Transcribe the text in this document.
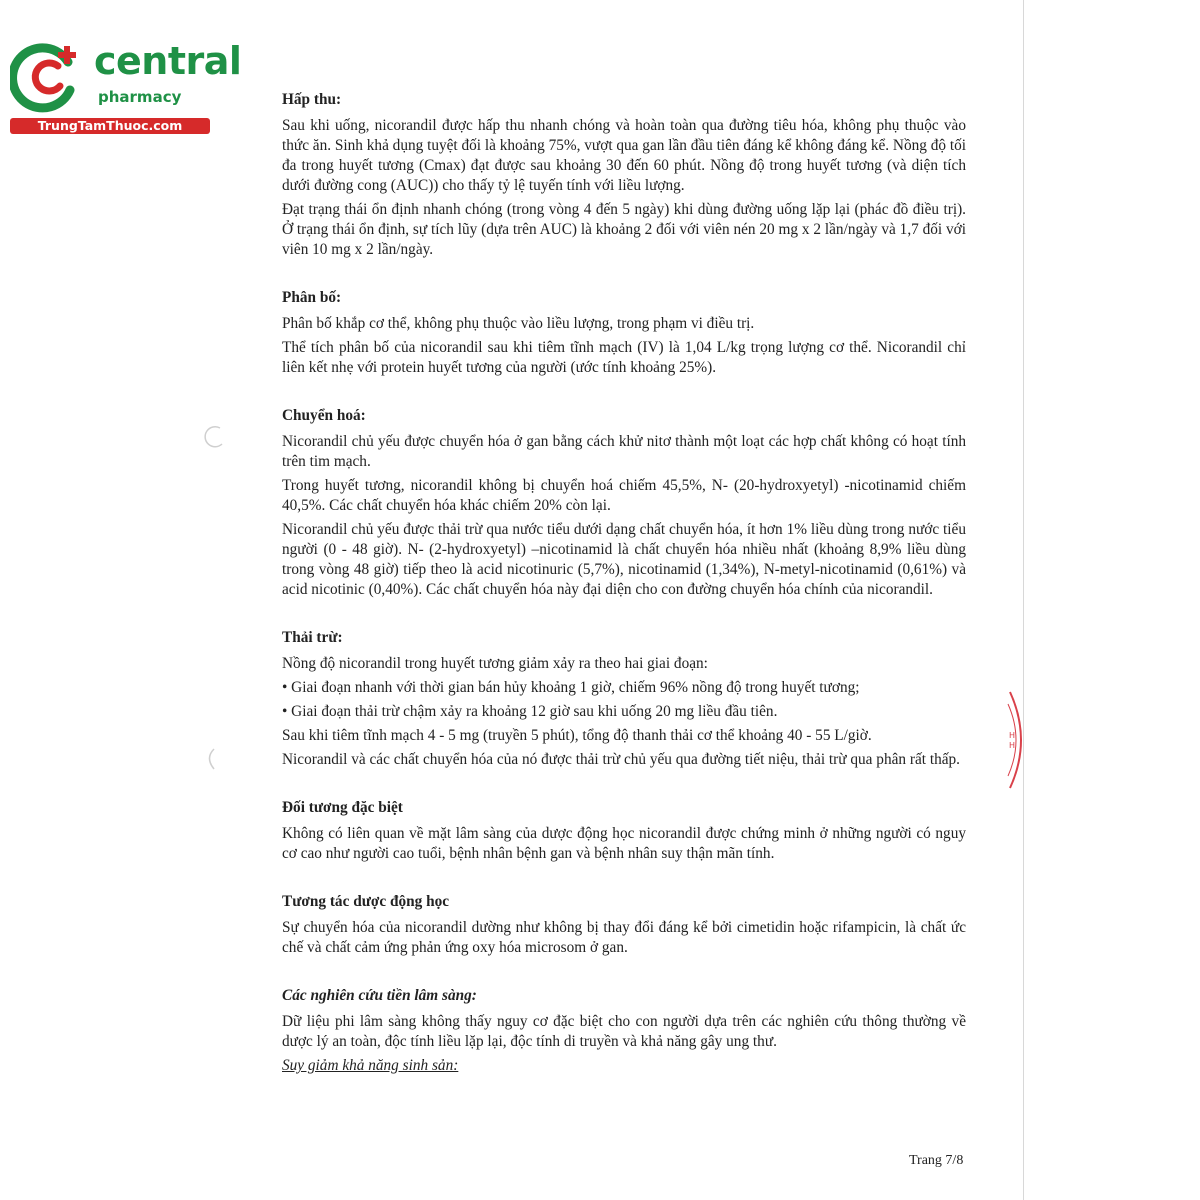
central
pharmacy
TrungTamThuoc.com
H
H
Hấp thu:

Sau khi uống, nicorandil được hấp thu nhanh chóng và hoàn toàn qua đường tiêu hóa, không phụ thuộc vào thức ăn. Sinh khả dụng tuyệt đối là khoảng 75%, vượt qua gan lần đầu tiên đáng kể không đáng kể. Nồng độ tối đa trong huyết tương (Cmax) đạt được sau khoảng 30 đến 60 phút. Nồng độ trong huyết tương (và diện tích dưới đường cong (AUC)) cho thấy tỷ lệ tuyến tính với liều lượng.

Đạt trạng thái ổn định nhanh chóng (trong vòng 4 đến 5 ngày) khi dùng đường uống lặp lại (phác đồ điều trị). Ở trạng thái ổn định, sự tích lũy (dựa trên AUC) là khoảng 2 đối với viên nén 20 mg x 2 lần/ngày và 1,7 đối với viên 10 mg x 2 lần/ngày.

Phân bố:

Phân bố khắp cơ thể, không phụ thuộc vào liều lượng, trong phạm vi điều trị.

Thể tích phân bố của nicorandil sau khi tiêm tĩnh mạch (IV) là 1,04 L/kg trọng lượng cơ thể. Nicorandil chỉ liên kết nhẹ với protein huyết tương của người (ước tính khoảng 25%).

Chuyển hoá:

Nicorandil chủ yếu được chuyển hóa ở gan bằng cách khử nitơ thành một loạt các hợp chất không có hoạt tính trên tim mạch.

Trong huyết tương, nicorandil không bị chuyển hoá chiếm 45,5%, N- (20-hydroxyetyl) -nicotinamid chiếm 40,5%. Các chất chuyển hóa khác chiếm 20% còn lại.

Nicorandil chủ yếu được thải trừ qua nước tiểu dưới dạng chất chuyển hóa, ít hơn 1% liều dùng trong nước tiểu người (0 - 48 giờ). N- (2-hydroxyetyl) –nicotinamid là chất chuyển hóa nhiều nhất (khoảng 8,9% liều dùng trong vòng 48 giờ) tiếp theo là acid nicotinuric (5,7%), nicotinamid (1,34%), N-metyl-nicotinamid (0,61%) và acid nicotinic (0,40%). Các chất chuyển hóa này đại diện cho con đường chuyển hóa chính của nicorandil.

Thải trừ:

Nồng độ nicorandil trong huyết tương giảm xảy ra theo hai giai đoạn:

• Giai đoạn nhanh với thời gian bán hủy khoảng 1 giờ, chiếm 96% nồng độ trong huyết tương;

• Giai đoạn thải trừ chậm xảy ra khoảng 12 giờ sau khi uống 20 mg liều đầu tiên.

Sau khi tiêm tĩnh mạch 4 - 5 mg (truyền 5 phút), tổng độ thanh thải cơ thể khoảng 40 - 55 L/giờ.

Nicorandil và các chất chuyển hóa của nó được thải trừ chủ yếu qua đường tiết niệu, thải trừ qua phân rất thấp.

Đối tương đặc biệt

Không có liên quan về mặt lâm sàng của dược động học nicorandil được chứng minh ở những người có nguy cơ cao như người cao tuổi, bệnh nhân bệnh gan và bệnh nhân suy thận mãn tính.

Tương tác dược động học

Sự chuyển hóa của nicorandil dường như không bị thay đổi đáng kể bởi cimetidin hoặc rifampicin, là chất ức chế và chất cảm ứng phản ứng oxy hóa microsom ở gan.

Các nghiên cứu tiền lâm sàng:

Dữ liệu phi lâm sàng không thấy nguy cơ đặc biệt cho con người dựa trên các nghiên cứu thông thường về dược lý an toàn, độc tính liều lặp lại, độc tính di truyền và khả năng gây ung thư.

Suy giảm khả năng sinh sản:
Trang 7/8
